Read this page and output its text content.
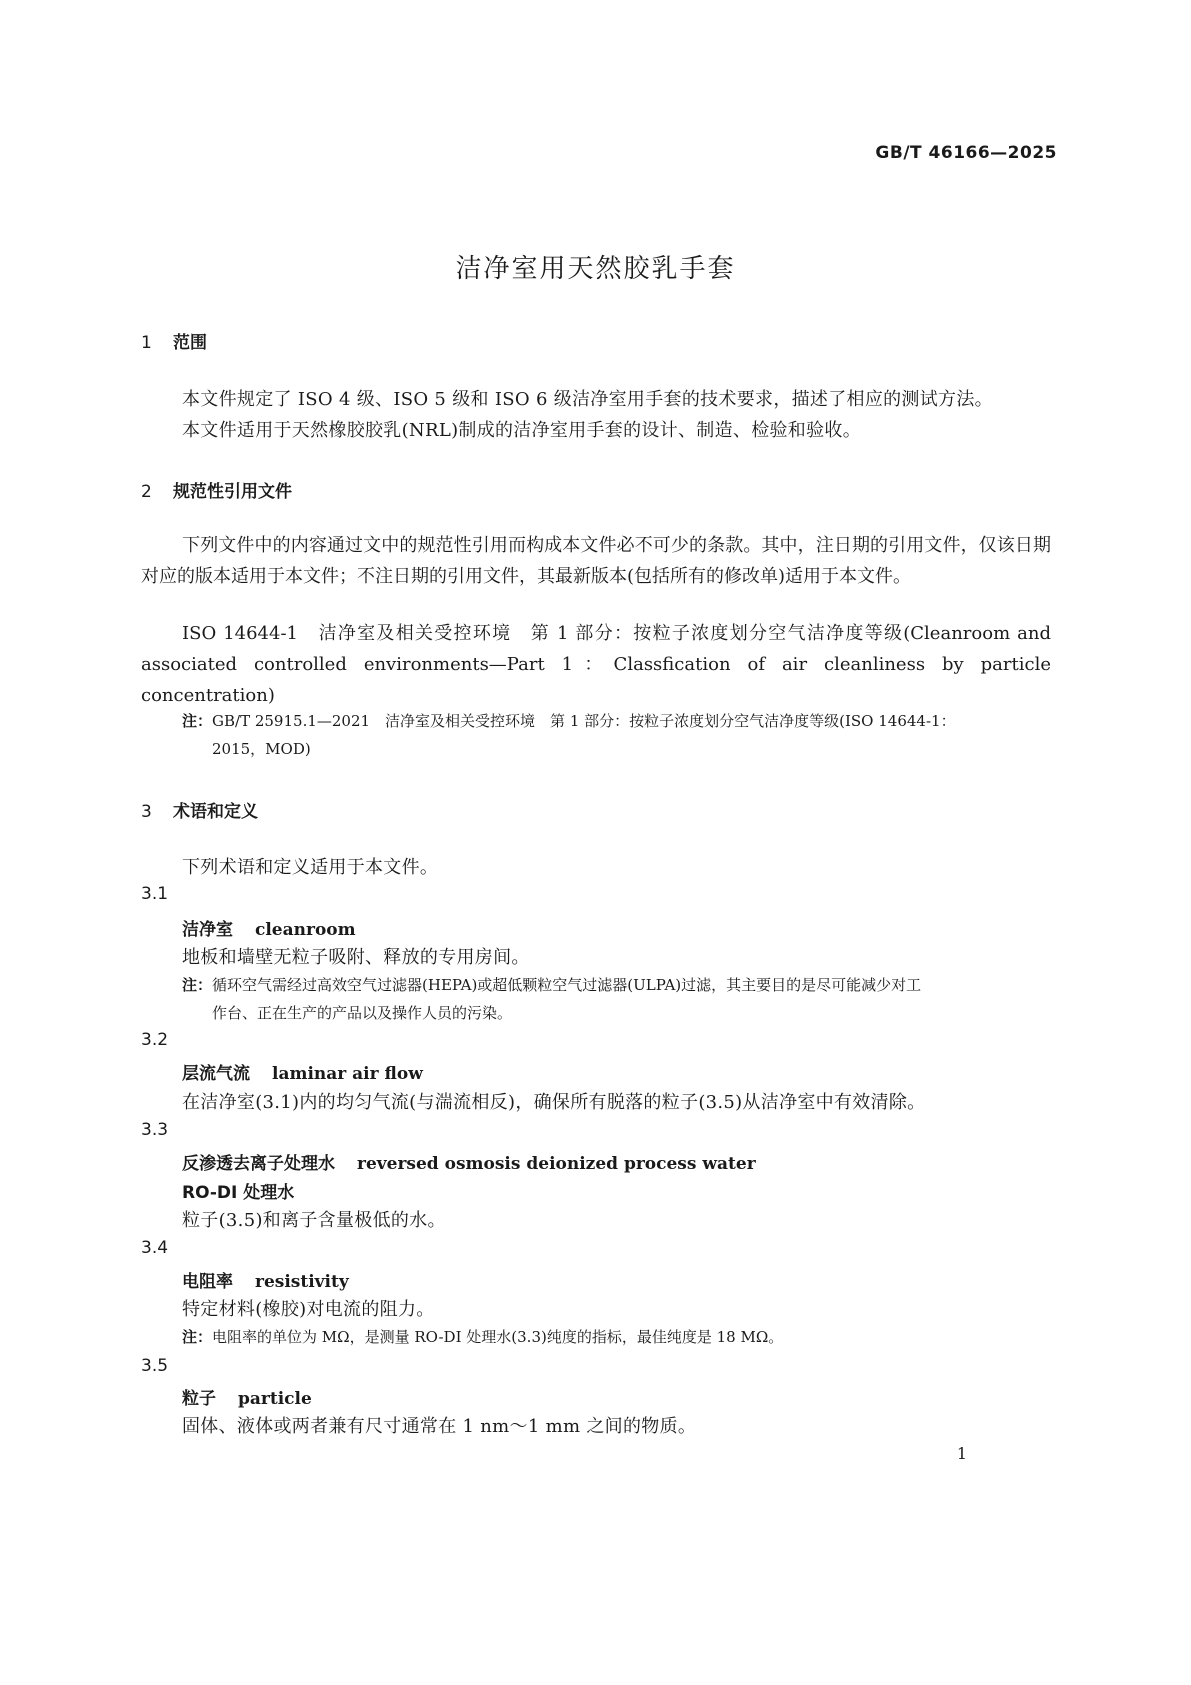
GB/T 46166—2025
洁净室用天然胶乳手套
1 范围
本文件规定了 ISO 4 级、ISO 5 级和 ISO 6 级洁净室用手套的技术要求，描述了相应的测试方法。
本文件适用于天然橡胶胶乳(NRL)制成的洁净室用手套的设计、制造、检验和验收。
2 规范性引用文件
下列文件中的内容通过文中的规范性引用而构成本文件必不可少的条款。其中，注日期的引用文件，仅该日期对应的版本适用于本文件；不注日期的引用文件，其最新版本(包括所有的修改单)适用于本文件。
ISO 14644-1　洁净室及相关受控环境　第 1 部分：按粒子浓度划分空气洁净度等级(Cleanroom and associated controlled environments—Part 1：Classfication of air cleanliness by particle concentration)
注：GB/T 25915.1—2021　洁净室及相关受控环境　第 1 部分：按粒子浓度划分空气洁净度等级(ISO 14644-1：
2015，MOD)
3 术语和定义
下列术语和定义适用于本文件。
3.1
洁净室 cleanroom
地板和墙壁无粒子吸附、释放的专用房间。
注：循环空气需经过高效空气过滤器(HEPA)或超低颗粒空气过滤器(ULPA)过滤，其主要目的是尽可能减少对工
作台、正在生产的产品以及操作人员的污染。
3.2
层流气流 laminar air flow
在洁净室(3.1)内的均匀气流(与湍流相反)，确保所有脱落的粒子(3.5)从洁净室中有效清除。
3.3
反渗透去离子处理水 reversed osmosis deionized process water
RO-DI 处理水
粒子(3.5)和离子含量极低的水。
3.4
电阻率 resistivity
特定材料(橡胶)对电流的阻力。
注：电阻率的单位为 MΩ，是测量 RO-DI 处理水(3.3)纯度的指标，最佳纯度是 18 MΩ。
3.5
粒子 particle
固体、液体或两者兼有尺寸通常在 1 nm～1 mm 之间的物质。
1
